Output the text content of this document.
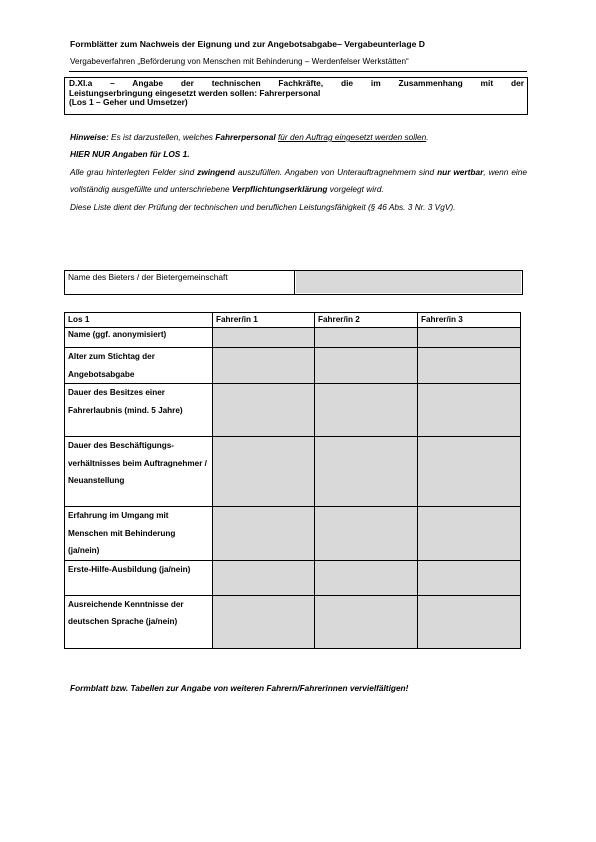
Formblätter zum Nachweis der Eignung und zur Angebotsabgabe– Vergabeunterlage D
Vergabeverfahren „Beförderung von Menschen mit Behinderung – Werdenfelser Werkstätten“
D.XI.a – Angabe der technischen Fachkräfte, die im Zusammenhang mit der
Leistungserbringung eingesetzt werden sollen: Fahrerpersonal
(Los 1 – Geher und Umsetzer)

Hinweise: Es ist darzustellen, welches Fahrerpersonal für den Auftrag eingesetzt werden sollen.

HIER NUR Angaben für LOS 1.

Alle grau hinterlegten Felder sind zwingend auszufüllen. Angaben von Unterauftragnehmern sind nur wertbar, wenn eine vollständig ausgefüllte und unterschriebene Verpflichtungserklärung vorgelegt wird.

Diese Liste dient der Prüfung der technischen und beruflichen Leistungsfähigkeit (§ 46 Abs. 3 Nr. 3 VgV).

Name des Bieters / der Bietergemeinschaft
Los 1	Fahrer/in 1	Fahrer/in 2	Fahrer/in 3
Name (ggf. anonymisiert)			
Alter zum Stichtag der Angebotsabgabe			
Dauer des Besitzes einer Fahrerlaubnis (mind. 5 Jahre)			
Dauer des Beschäftigungs-verhältnisses beim Auftragnehmer / Neuanstellung			
Erfahrung im Umgang mit Menschen mit Behinderung (ja/nein)			
Erste-Hilfe-Ausbildung (ja/nein)			
Ausreichende Kenntnisse der deutschen Sprache (ja/nein)			
Formblatt bzw. Tabellen zur Angabe von weiteren Fahrern/Fahrerinnen vervielfältigen!
